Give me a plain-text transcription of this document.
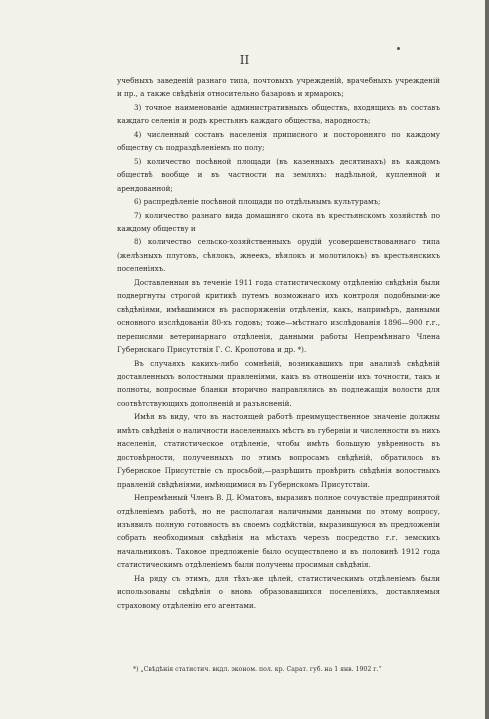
II

учебныхъ заведеній разнаго типа, почтовыхъ учрежденій, врачебныхъ учрежденій и пр., а также свѣдѣнія относительно базаровъ и ярмарокъ;

3) точное наименованіе административныхъ обществъ, входящихъ въ составъ каждаго селенія и родъ крестьянъ каждаго общества, народность;

4) численный составъ населенія приписного и посторонняго по каждому обществу съ подраздѣленіемъ по полу;

5) количество посѣвной площади (въ казенныхъ десятинахъ) въ каждомъ обществѣ вообще и въ частности на земляхъ: надѣльной, купленной и арендованной;

6) распредѣленіе посѣвной площади по отдѣльнымъ культурамъ;

7) количество разнаго вида домашняго скота въ крестьянскомъ хозяйствѣ по каждому обществу и

8) количество сельско-хозяйственныхъ орудій усовершенствованнаго типа (желѣзныхъ плуговъ, сѣялокъ, жнеекъ, вѣялокъ и молотилокъ) въ крестьянскихъ поселеніяхъ.

Доставленныя въ теченіе 1911 года статистическому отдѣленію свѣдѣнія были подвергнуты строгой критикѣ путемъ возможнаго ихъ контроля подобными-же свѣдѣніями, имѣвшимися въ распоряженіи отдѣленія, какъ, напримѣръ, данными основного изслѣдованія 80-хъ годовъ; тоже—мѣстнаго изслѣдованія 1896—900 г.г., переписями ветеринарнаго отдѣленія, данными работы Непремѣннаго Члена Губернскаго Присутствія Г. С. Кропотова и др. *).

Въ случаяхъ какихъ-либо сомнѣній, возникавшихъ при анализѣ свѣдѣній доставленныхъ волостными правленіями, какъ въ отношеніи ихъ точности, такъ и полноты, вопросные бланки вторично направлялись въ подлежащія волости для соотвѣтствующихъ дополненій и разъясненій.

Имѣя въ виду, что въ настоящей работѣ преимущественное значеніе должны имѣть свѣдѣнія о наличности населенныхъ мѣстъ въ губерніи и численности въ нихъ населенія, статистическое отдѣленіе, чтобы имѣть большую увѣренность въ достовѣрности, полученныхъ по этимъ вопросамъ свѣдѣній, обратилось въ Губернское Присутствіе съ просьбой,—разрѣшить провѣрить свѣдѣнія волостныхъ правленій свѣдѣніями, имѣющимися въ Губернскомъ Присутствіи.

Непремѣнный Членъ В. Д. Юматовъ, выразивъ полное сочувствіе предпринятой отдѣленіемъ работѣ, но не располагая наличными данными по этому вопросу, изъявилъ полную готовность въ своемъ содѣйствіи, выразившуюся въ предложеніи собрать необходимыя свѣдѣнія на мѣстахъ черезъ посредство г.г. земскихъ начальниковъ. Таковое предложеніе было осуществлено и въ половинѣ 1912 года статистическимъ отдѣленіемъ были получены просимыя свѣдѣнія.

На ряду съ этимъ, для тѣхъ-же цѣлей, статистическимъ отдѣленіемъ были использованы свѣдѣнія о вновь образовавшихся поселеніяхъ, доставляемыя страховому отдѣленію его агентами.

*) „Свѣдѣнія статистич. вкдл. эконом. пол. кр. Сарат. губ. на 1 янв. 1902 г.“
